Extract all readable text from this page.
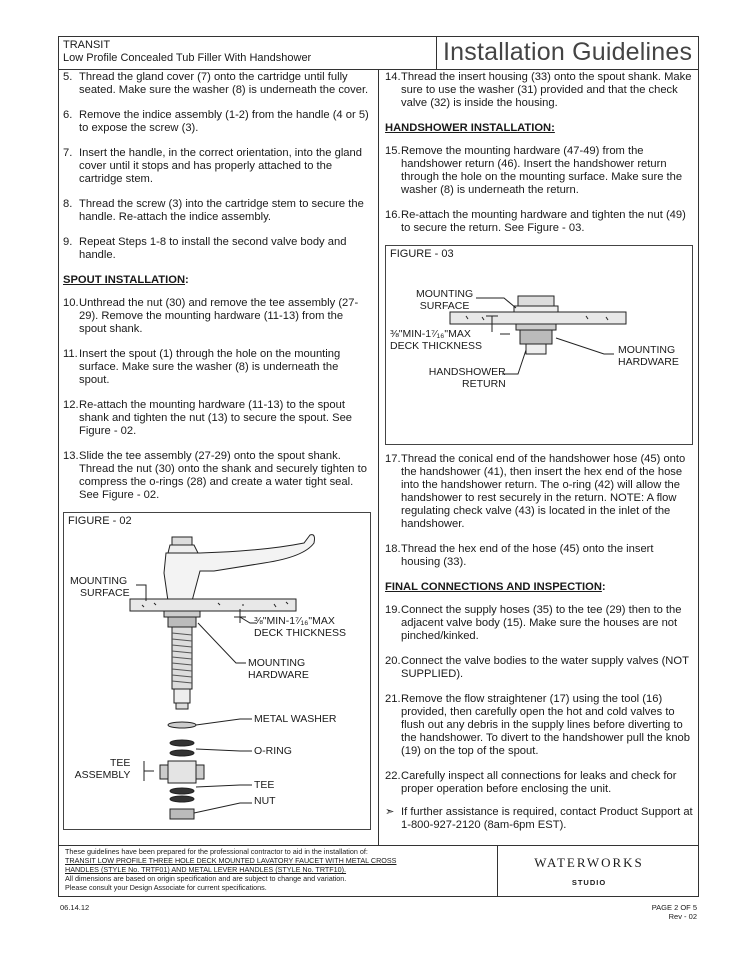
TRANSIT
Low Profile Concealed Tub Filler With Handshower	Installation Guidelines
5. Thread the gland cover (7) onto the cartridge until fully seated. Make sure the washer (8) is underneath the cover.
6. Remove the indice assembly (1-2) from the handle (4 or 5) to expose the screw (3).
7. Insert the handle, in the correct orientation, into the gland cover until it stops and has properly attached to the cartridge stem.
8. Thread the screw (3) into the cartridge stem to secure the handle. Re-attach the indice assembly.
9. Repeat Steps 1-8 to install the second valve body and handle.
SPOUT INSTALLATION:
10. Unthread the nut (30) and remove the tee assembly (27-29). Remove the mounting hardware (11-13) from the spout shank.
11. Insert the spout (1) through the hole on the mounting surface. Make sure the washer (8) is underneath the spout.
12. Re-attach the mounting hardware (11-13) to the spout shank and tighten the nut (13) to secure the spout. See Figure - 02.
13. Slide the tee assembly (27-29) onto the spout shank. Thread the nut (30) onto the shank and securely tighten to compress the o-rings (28) and create a water tight seal. See Figure - 02.
FIGURE - 02
MOUNTING
SURFACE
⅜"MIN-1⁷⁄₁₆"MAX
DECK THICKNESS
MOUNTING
HARDWARE
METAL WASHER
O-RING
TEE
ASSEMBLY
TEE
NUT
14. Thread the insert housing (33) onto the spout shank. Make sure to use the washer (31) provided and that the check valve (32) is inside the housing.
HANDSHOWER INSTALLATION:
15. Remove the mounting hardware (47-49) from the handshower return (46). Insert the handshower return through the hole on the mounting surface. Make sure the washer (8) is underneath the return.
16. Re-attach the mounting hardware and tighten the nut (49) to secure the return. See Figure - 03.
FIGURE - 03
MOUNTING
SURFACE
⅜"MIN-1⁷⁄₁₆"MAX
DECK THICKNESS	MOUNTING
HARDWARE
HANDSHOWER
RETURN
17. Thread the conical end of the handshower hose (45) onto the handshower (41), then insert the hex end of the hose into the handshower return. The o-ring (42) will allow the handshower to rest securely in the return. NOTE: A flow regulating check valve (43) is located in the inlet of the handshower.
18. Thread the hex end of the hose (45) onto the insert housing (33).
FINAL CONNECTIONS AND INSPECTION:
19. Connect the supply hoses (35) to the tee (29) then to the adjacent valve body (15). Make sure the houses are not pinched/kinked.
20. Connect the valve bodies to the water supply valves (NOT SUPPLIED).
21. Remove the flow straightener (17) using the tool (16) provided, then carefully open the hot and cold valves to flush out any debris in the supply lines before diverting to the handshower. To divert to the handshower pull the knob (19) on the top of the spout.
22. Carefully inspect all connections for leaks and check for proper operation before enclosing the unit.
➣ If further assistance is required, contact Product Support at 1-800-927-2120 (8am-6pm EST).
These guidelines have been prepared for the professional contractor to aid in the installation of:
TRANSIT LOW PROFILE THREE HOLE DECK MOUNTED LAVATORY FAUCET WITH METAL CROSS
HANDLES (STYLE No. TRTF01) AND METAL LEVER HANDLES (STYLE No. TRTF10).
All dimensions are based on origin specification and are subject to change and variation.
Please consult your Design Associate for current specifications.
WATERWORKS
STUDIO
06.14.12	PAGE 2 OF 5
Rev - 02
